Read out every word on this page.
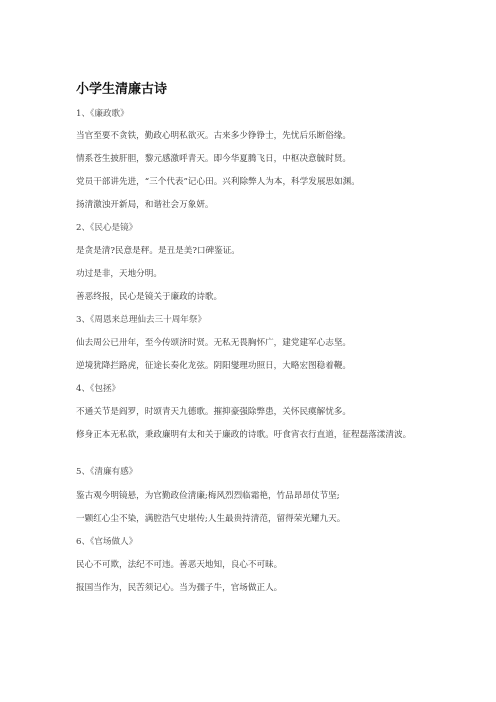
小学生清廉古诗
1、《廉政歌》
当官至要不贪铁，勤政心明私欲灭。古来多少铮铮士，先忧后乐断俗缘。
情系苍生披肝胆，黎元感激呼青天。即今华夏腾飞日，中枢决意毓时贤。
党员干部讲先进，“三个代表”记心田。兴利除弊人为本，科学发展思如渊。
扬清激浊开新局，和谐社会万象妍。
2、《民心是镜》
是贪是清?民意是秤。是丑是美?口碑鉴证。
功过是非，天地分明。
善恶终报，民心是镜关于廉政的诗歌。
3、《周恩来总理仙去三十周年祭》
仙去周公已卅年，至今传颂济时贤。无私无畏胸怀广，建党建军心志坚。
逆境犹降拦路虎，征途长奏化龙弦。阴阳燮理功照日，大略宏图稳着鞭。
4、《包拯》
不通关节是阎罗，时颂青天九德歌。摧抑豪强除弊患，关怀民瘼解忧多。
修身正本无私欲，秉政廉明有太和关于廉政的诗歌。吁食宵衣行直道，征程磊落漾清波。
5、《清廉有感》
鉴古观今明镜悬，为官勤政俭清廉;梅风烈烈临霜艳，竹品昂昂仗节坚;
一颗红心尘不染，满腔浩气史堪传;人生最贵持清范，留得荣光耀九天。
6、《官场做人》
民心不可欺，法纪不可违。善恶天地知，良心不可昧。
报国当作为，民苦须记心。当为孺子牛，官场做正人。
